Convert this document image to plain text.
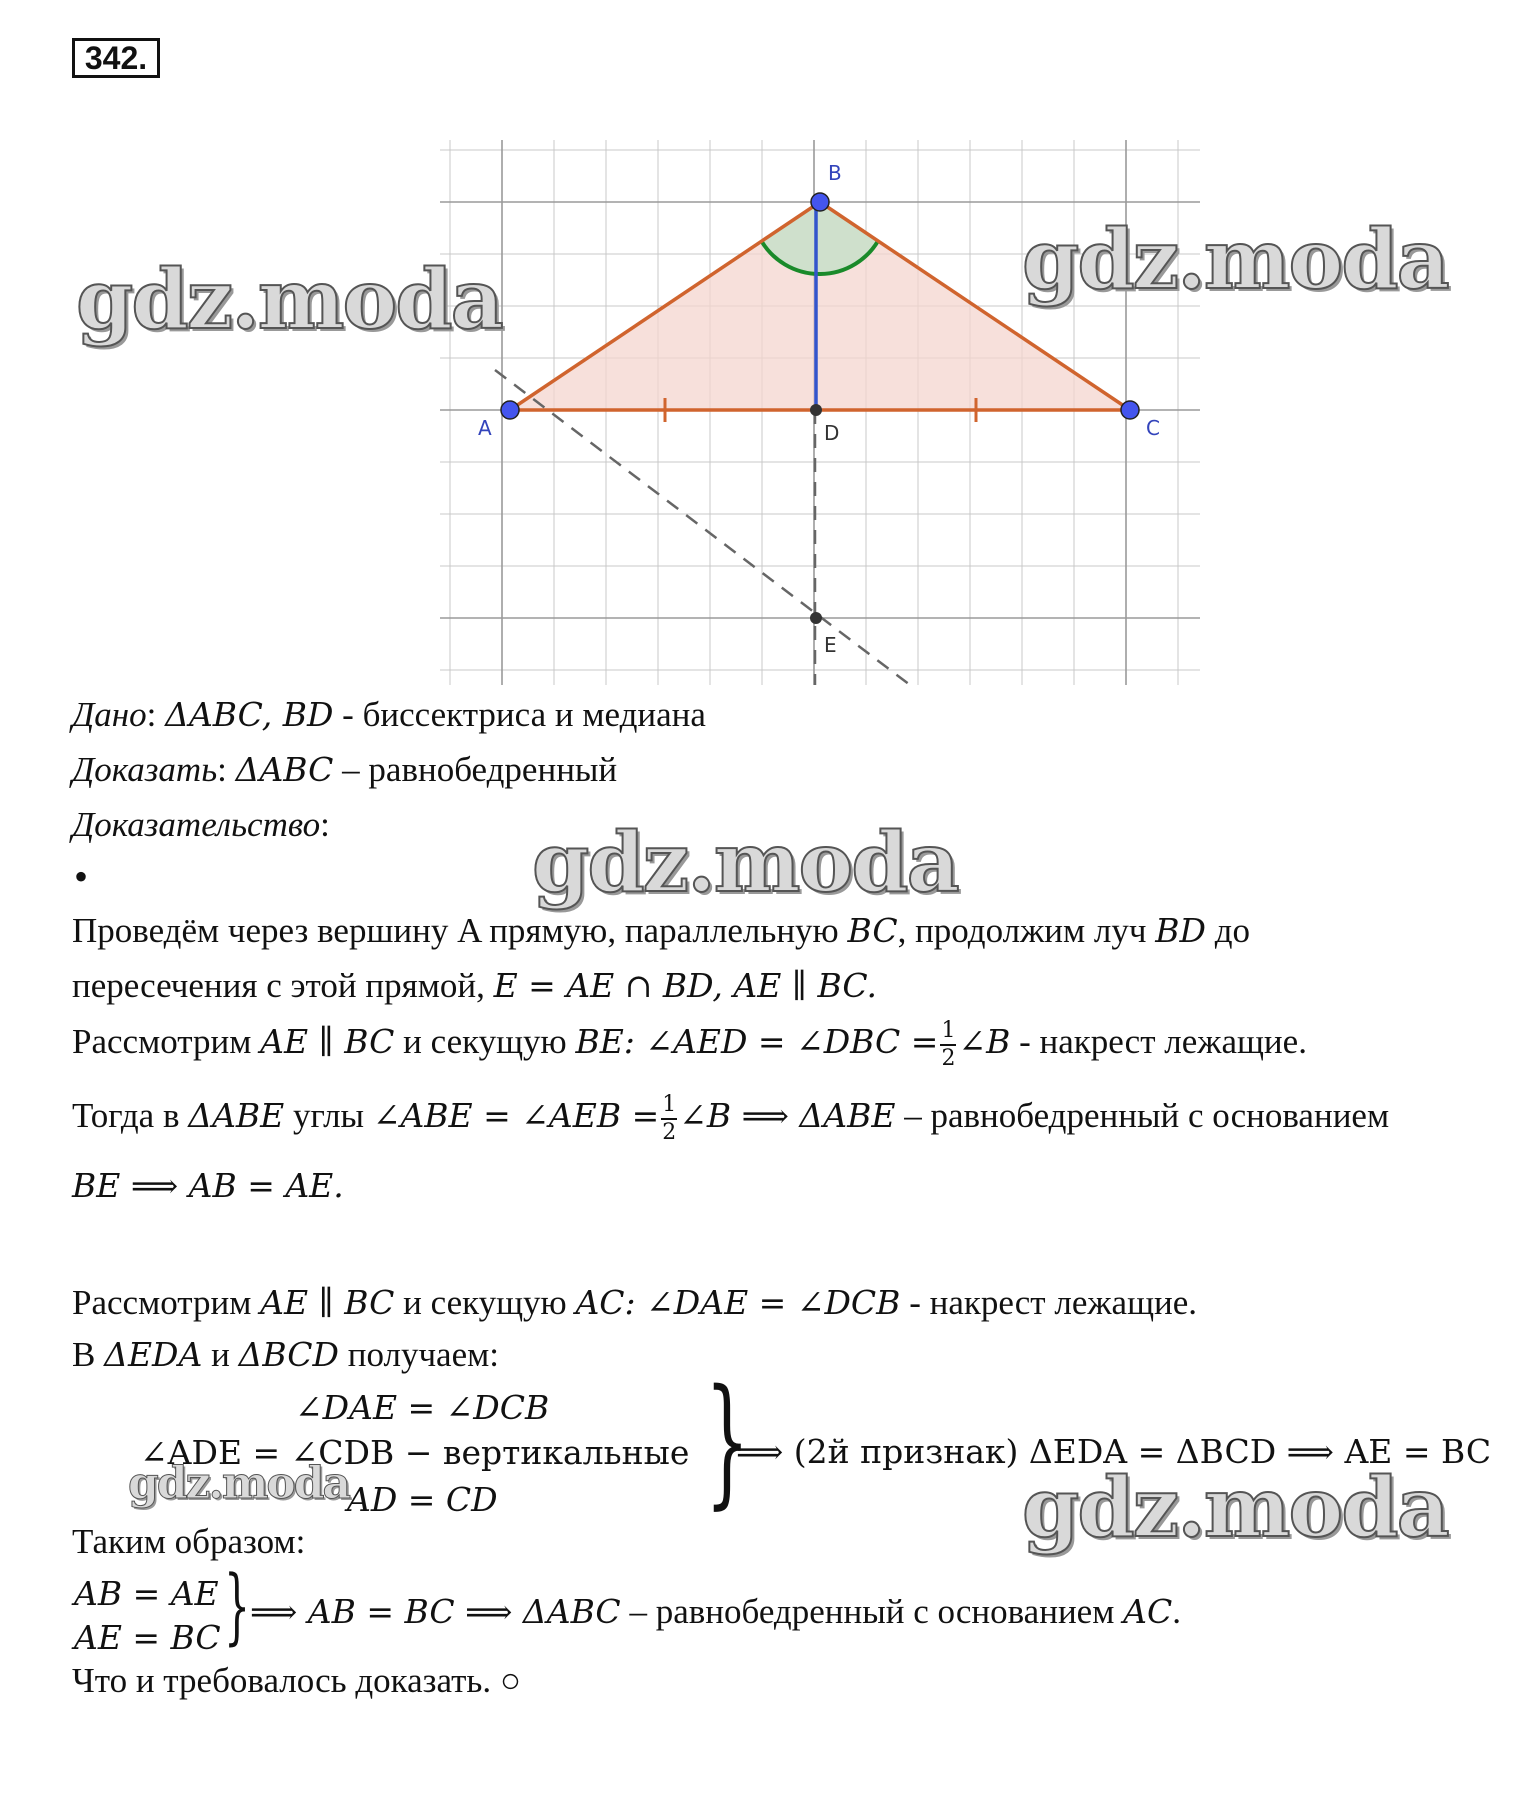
342.
A
B
C
D
E
Дано: ΔABC, BD - биссектриса и медиана
Доказать: ΔABC – равнобедренный
Доказательство:
•
Проведём через вершину A прямую, параллельную BC, продолжим луч BD до
пересечения с этой прямой, E = AE ∩ BD, AE ∥ BC.
Рассмотрим AE ∥ BC и секущую BE: ∠AED = ∠DBC = $\frac{1}{2}$ ∠B - накрест лежащие.
Тогда в ΔABE углы ∠ABE = ∠AEB = $\frac{1}{2}$ ∠B ⟹ ΔABE – равнобедренный с основанием
BE ⟹ AB = AE.
Рассмотрим AE ∥ BC и секущую AC: ∠DAE = ∠DCB - накрест лежащие.
В ΔEDA и ΔBCD получаем:
∠DAE = ∠DCB
∠ADE = ∠CDB − вертикальные
AD = CD }
⟹ (2й признак) ΔEDA = ΔBCD ⟹ AE = BC
Таким образом:
AB = AE
AE = BC } ⟹ AB = BC ⟹ ΔABC – равнобедренный с основанием AC.
Что и требовалось доказать. ○
gdz.moda	gdz.moda
gdz.moda
gdz.moda	gdz.moda
